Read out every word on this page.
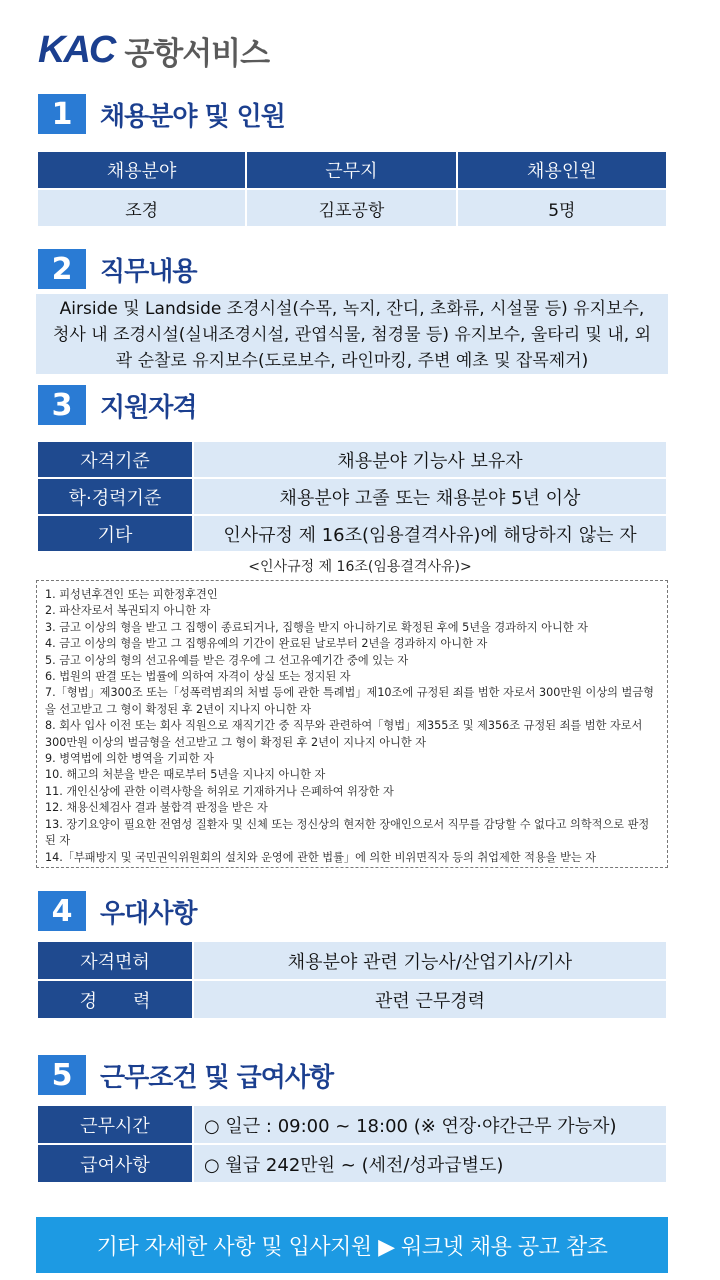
KAC 공항서비스
1	채용분야 및 인원
채용분야	근무지	채용인원
조경	김포공항	5명
2	직무내용
Airside 및 Landside 조경시설(수목, 녹지, 잔디, 초화류, 시설물 등) 유지보수,
청사 내 조경시설(실내조경시설, 관엽식물, 첨경물 등) 유지보수, 울타리 및 내, 외
곽 순찰로 유지보수(도로보수, 라인마킹, 주변 예초 및 잡목제거)
3	지원자격
자격기준	채용분야 기능사 보유자
학·경력기준	채용분야 고졸 또는 채용분야 5년 이상
기타	인사규정 제 16조(임용결격사유)에 해당하지 않는 자
<인사규정 제 16조(임용결격사유)>
1. 피성년후견인 또는 피한정후견인
2. 파산자로서 복권되지 아니한 자
3. 금고 이상의 형을 받고 그 집행이 종료되거나, 집행을 받지 아니하기로 확정된 후에 5년을 경과하지 아니한 자
4. 금고 이상의 형을 받고 그 집행유예의 기간이 완료된 날로부터 2년을 경과하지 아니한 자
5. 금고 이상의 형의 선고유예를 받은 경우에 그 선고유예기간 중에 있는 자
6. 법원의 판결 또는 법률에 의하여 자격이 상실 또는 정지된 자
7.「형법」제300조 또는「성폭력범죄의 처벌 등에 관한 특례법」제10조에 규정된 죄를 범한 자로서 300만원 이상의 벌금형을 선고받고 그 형이 확정된 후 2년이 지나지 아니한 자
8. 회사 입사 이전 또는 회사 직원으로 재직기간 중 직무와 관련하여「형법」제355조 및 제356조 규정된 죄를 범한 자로서 300만원 이상의 벌금형을 선고받고 그 형이 확정된 후 2년이 지나지 아니한 자
9. 병역법에 의한 병역을 기피한 자
10. 해고의 처분을 받은 때로부터 5년을 지나지 아니한 자
11. 개인신상에 관한 이력사항을 허위로 기재하거나 은폐하여 위장한 자
12. 채용신체검사 결과 불합격 판정을 받은 자
13. 장기요양이 필요한 전염성 질환자 및 신체 또는 정신상의 현저한 장애인으로서 직무를 감당할 수 없다고 의학적으로 판정된 자
14.「부패방지 및 국민권익위원회의 설치와 운영에 관한 법률」에 의한 비위면직자 등의 취업제한 적용을 받는 자
4	우대사항
자격면허	채용분야 관련 기능사/산업기사/기사
경　　력	관련 근무경력
5	근무조건 및 급여사항
근무시간	○ 일근 : 09:00 ~ 18:00 (※ 연장·야간근무 가능자)
급여사항	○ 월급 242만원 ~ (세전/성과급별도)
기타 자세한 사항 및 입사지원 ▶ 워크넷 채용 공고 참조
